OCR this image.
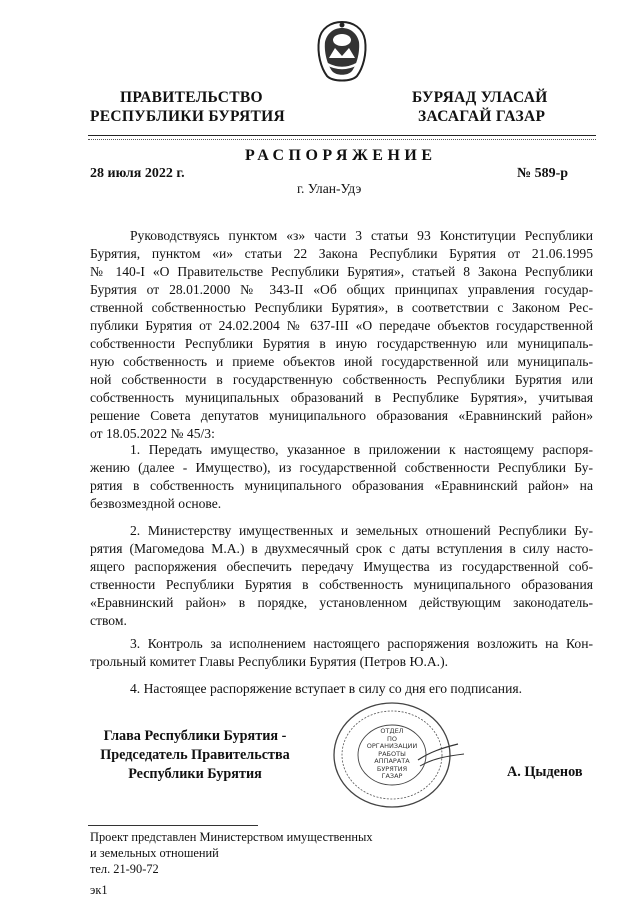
ПРАВИТЕЛЬСТВО
РЕСПУБЛИКИ БУРЯТИЯ
БУРЯАД УЛАСАЙ
ЗАСАГАЙ ГАЗАР
РАСПОРЯЖЕНИЕ
28 июля 2022 г.	№ 589-р
г. Улан-Удэ
Руководствуясь пунктом «з» части 3 статьи 93 Конституции Республики
Бурятия, пунктом «и» статьи 22 Закона Республики Бурятия от 21.06.1995
№ 140-I «О Правительстве Республики Бурятия», статьей 8 Закона Республики
Бурятия от 28.01.2000 № 343-II «Об общих принципах управления государ-
ственной собственностью Республики Бурятия», в соответствии с Законом Рес-
публики Бурятия от 24.02.2004 № 637-III «О передаче объектов государственной
собственности Республики Бурятия в иную государственную или муниципаль-
ную собственность и приеме объектов иной государственной или муниципаль-
ной собственности в государственную собственность Республики Бурятия или
собственность муниципальных образований в Республике Бурятия», учитывая
решение Совета депутатов муниципального образования «Еравнинский район»
от 18.05.2022 № 45/3:
1. Передать имущество, указанное в приложении к настоящему распоря-
жению (далее - Имущество), из государственной собственности Республики Бу-
рятия в собственность муниципального образования «Еравнинский район» на
безвозмездной основе.
2. Министерству имущественных и земельных отношений Республики Бу-
рятия (Магомедова М.А.) в двухмесячный срок с даты вступления в силу насто-
ящего распоряжения обеспечить передачу Имущества из государственной соб-
ственности Республики Бурятия в собственность муниципального образования
«Еравнинский район» в порядке, установленном действующим законодатель-
ством.
3. Контроль за исполнением настоящего распоряжения возложить на Кон-
трольный комитет Главы Республики Бурятия (Петров Ю.А.).
4. Настоящее распоряжение вступает в силу со дня его подписания.
Глава Республики Бурятия -
Председатель Правительства
Республики Бурятия
ОТДЕЛ
ПО ОРГАНИЗАЦИИ
РАБОТЫ
АППАРАТА
БУРЯТИЯ
ГАЗАР	А. Цыденов
Проект представлен Министерством имущественных
и земельных отношений
тел. 21-90-72
эк1
